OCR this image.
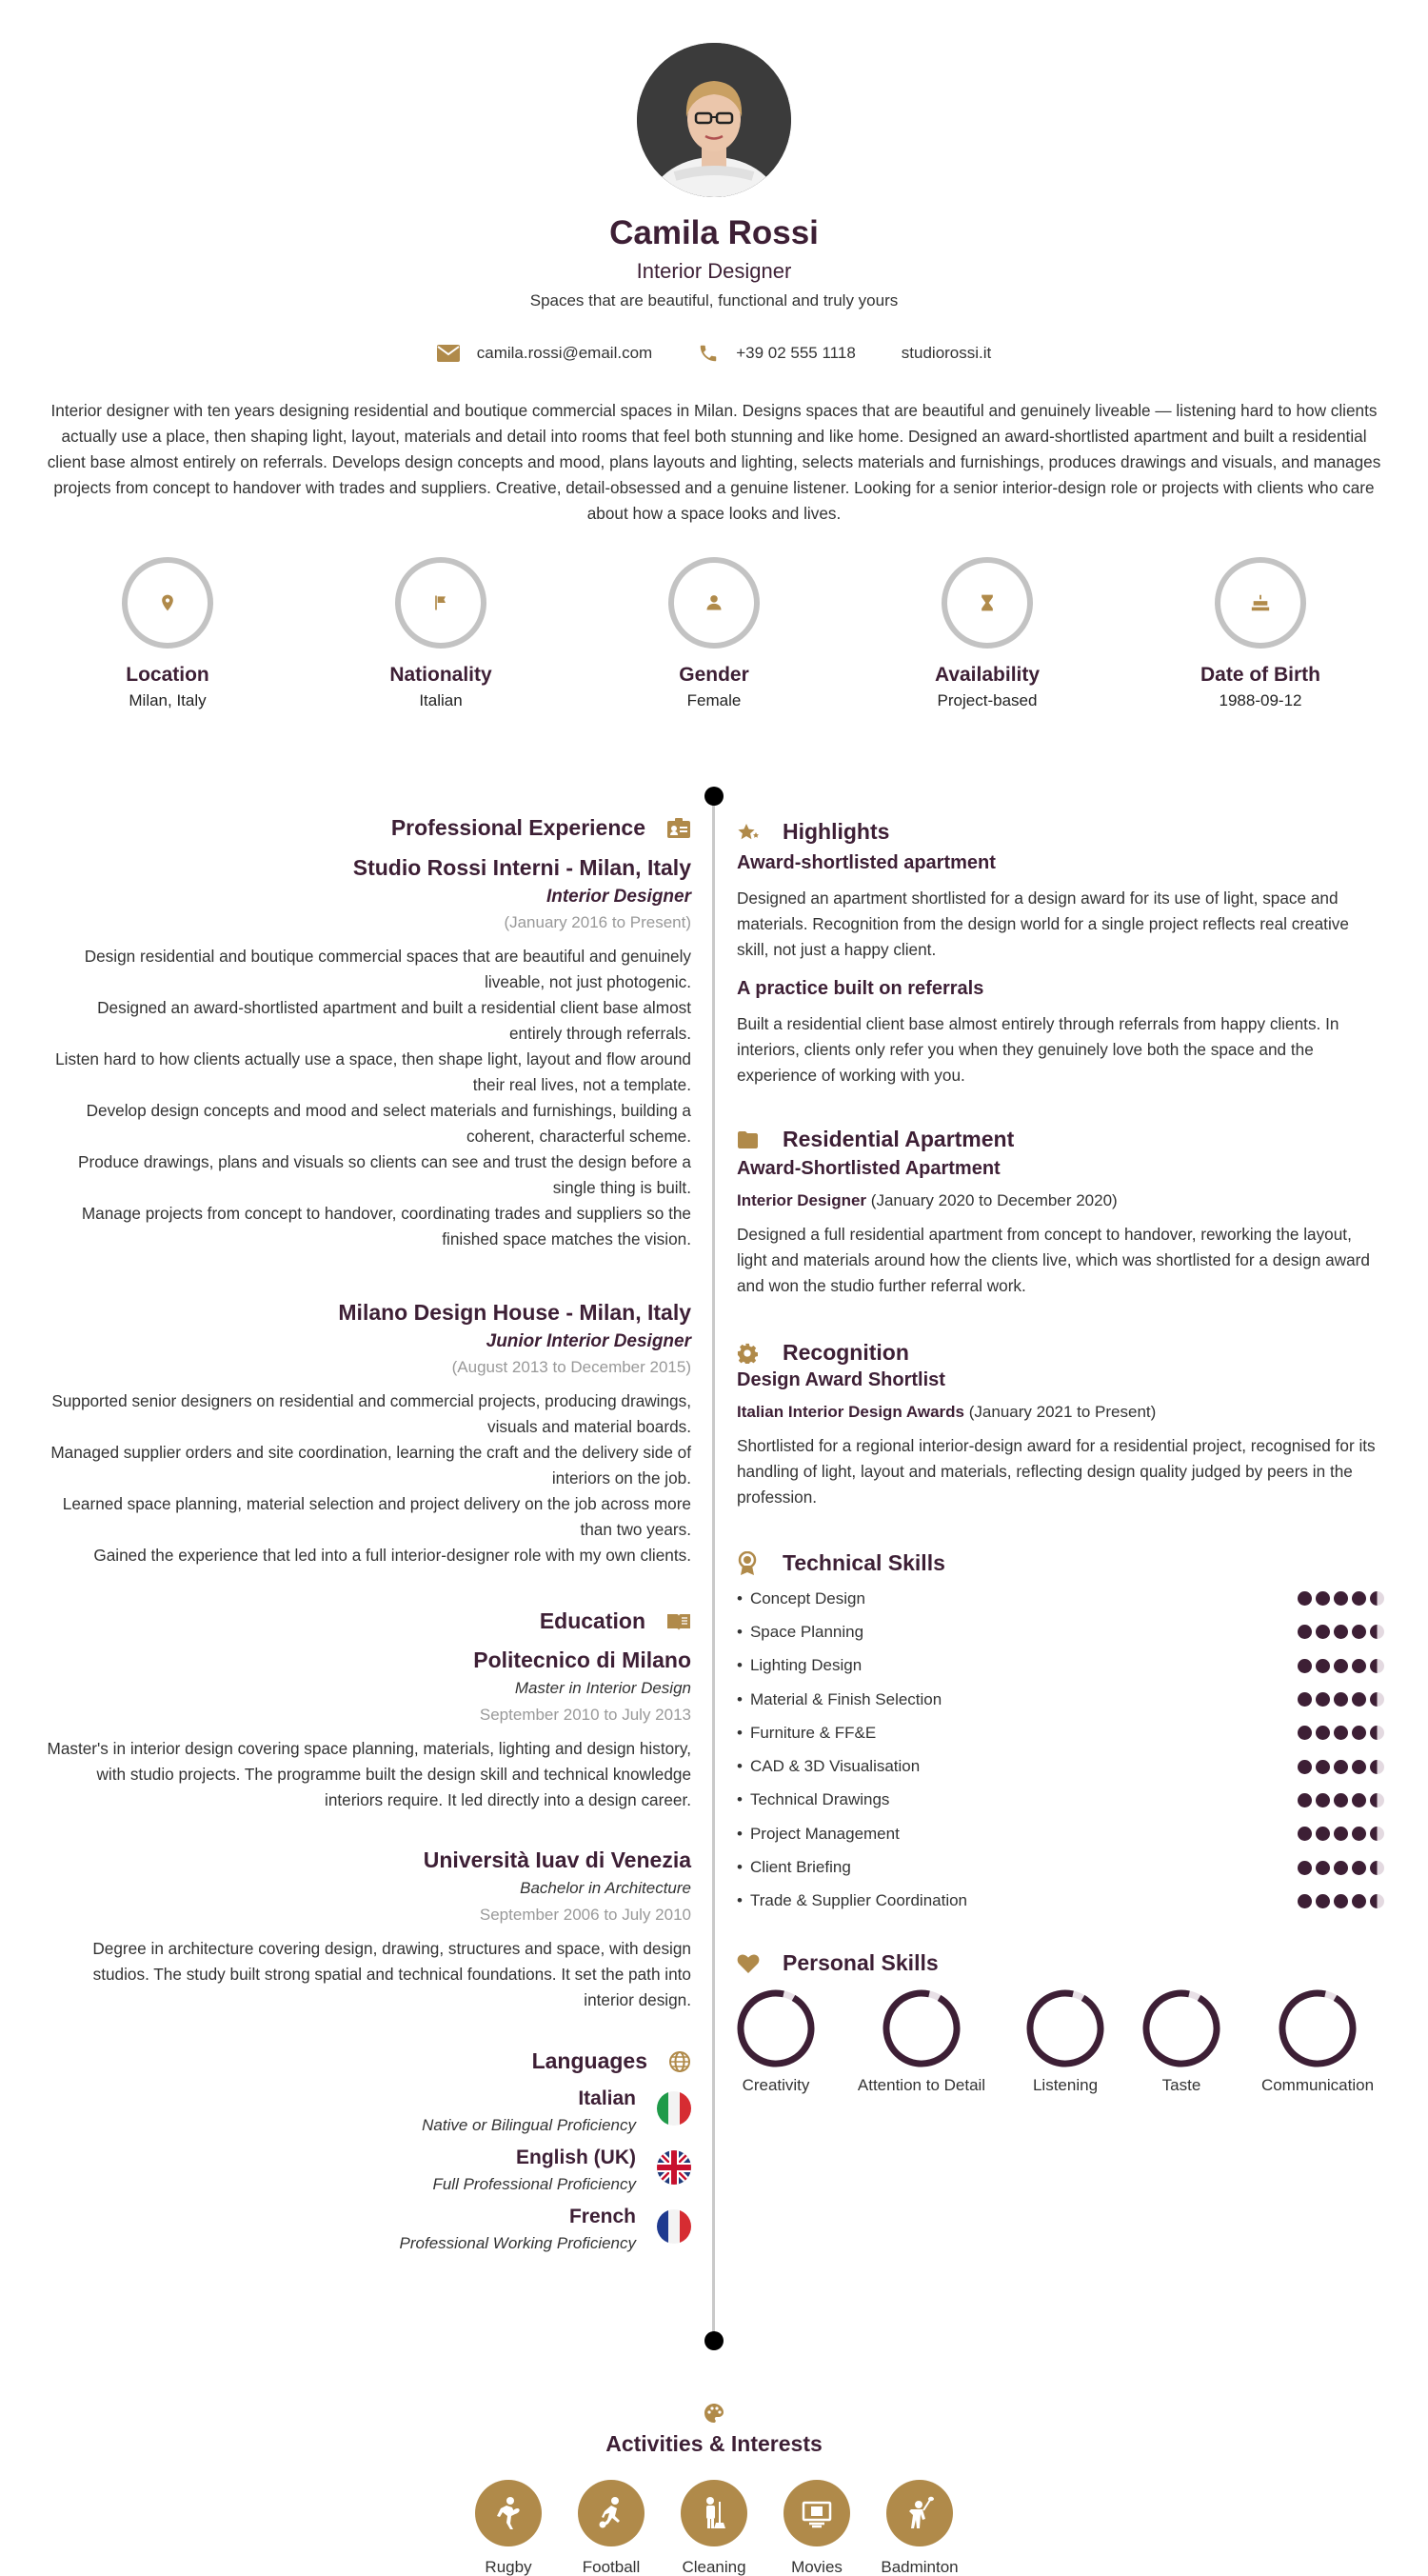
Camila Rossi
Interior Designer
Spaces that are beautiful, functional and truly yours
camila.rossi@email.com	+39 02 555 1118	studiorossi.it
Interior designer with ten years designing residential and boutique commercial spaces in Milan. Designs spaces that are beautiful and genuinely liveable — listening hard to how clients actually use a place, then shaping light, layout, materials and detail into rooms that feel both stunning and like home. Designed an award-shortlisted apartment and built a residential client base almost entirely on referrals. Develops design concepts and mood, plans layouts and lighting, selects materials and furnishings, produces drawings and visuals, and manages projects from concept to handover with trades and suppliers. Creative, detail-obsessed and a genuine listener. Looking for a senior interior-design role or projects with clients who care about how a space looks and lives.
Location
Milan, Italy
Nationality
Italian
Gender
Female
Availability
Project-based
Date of Birth
1988-09-12
Professional Experience
Studio Rossi Interni - Milan, Italy
Interior Designer
(January 2016 to Present)
Design residential and boutique commercial spaces that are beautiful and genuinely liveable, not just photogenic.
Designed an award-shortlisted apartment and built a residential client base almost entirely through referrals.
Listen hard to how clients actually use a space, then shape light, layout and flow around their real lives, not a template.
Develop design concepts and mood and select materials and furnishings, building a coherent, characterful scheme.
Produce drawings, plans and visuals so clients can see and trust the design before a single thing is built.
Manage projects from concept to handover, coordinating trades and suppliers so the finished space matches the vision.
Milano Design House - Milan, Italy
Junior Interior Designer
(August 2013 to December 2015)
Supported senior designers on residential and commercial projects, producing drawings, visuals and material boards.
Managed supplier orders and site coordination, learning the craft and the delivery side of interiors on the job.
Learned space planning, material selection and project delivery on the job across more than two years.
Gained the experience that led into a full interior-designer role with my own clients.
Education
Politecnico di Milano
Master in Interior Design
September 2010 to July 2013
Master's in interior design covering space planning, materials, lighting and design history, with studio projects. The programme built the design skill and technical knowledge interiors require. It led directly into a design career.
Università Iuav di Venezia
Bachelor in Architecture
September 2006 to July 2010
Degree in architecture covering design, drawing, structures and space, with design studios. The study built strong spatial and technical foundations. It set the path into interior design.
Languages
Italian
Native or Bilingual Proficiency
English (UK)
Full Professional Proficiency
French
Professional Working Proficiency
Highlights
Award-shortlisted apartment
Designed an apartment shortlisted for a design award for its use of light, space and materials. Recognition from the design world for a single project reflects real creative skill, not just a happy client.
A practice built on referrals
Built a residential client base almost entirely through referrals from happy clients. In interiors, clients only refer you when they genuinely love both the space and the experience of working with you.
Residential Apartment
Award-Shortlisted Apartment
Interior Designer (January 2020 to December 2020)
Designed a full residential apartment from concept to handover, reworking the layout, light and materials around how the clients live, which was shortlisted for a design award and won the studio further referral work.
Recognition
Design Award Shortlist
Italian Interior Design Awards (January 2021 to Present)
Shortlisted for a regional interior-design award for a residential project, recognised for its handling of light, layout and materials, reflecting design quality judged by peers in the profession.
Technical Skills
• Concept Design
• Space Planning
• Lighting Design
• Material & Finish Selection
• Furniture & FF&E
• CAD & 3D Visualisation
• Technical Drawings
• Project Management
• Client Briefing
• Trade & Supplier Coordination
Personal Skills
Creativity	Attention to Detail	Listening	Taste	Communication
Activities & Interests
Rugby	Football	Cleaning	Movies	Badminton
